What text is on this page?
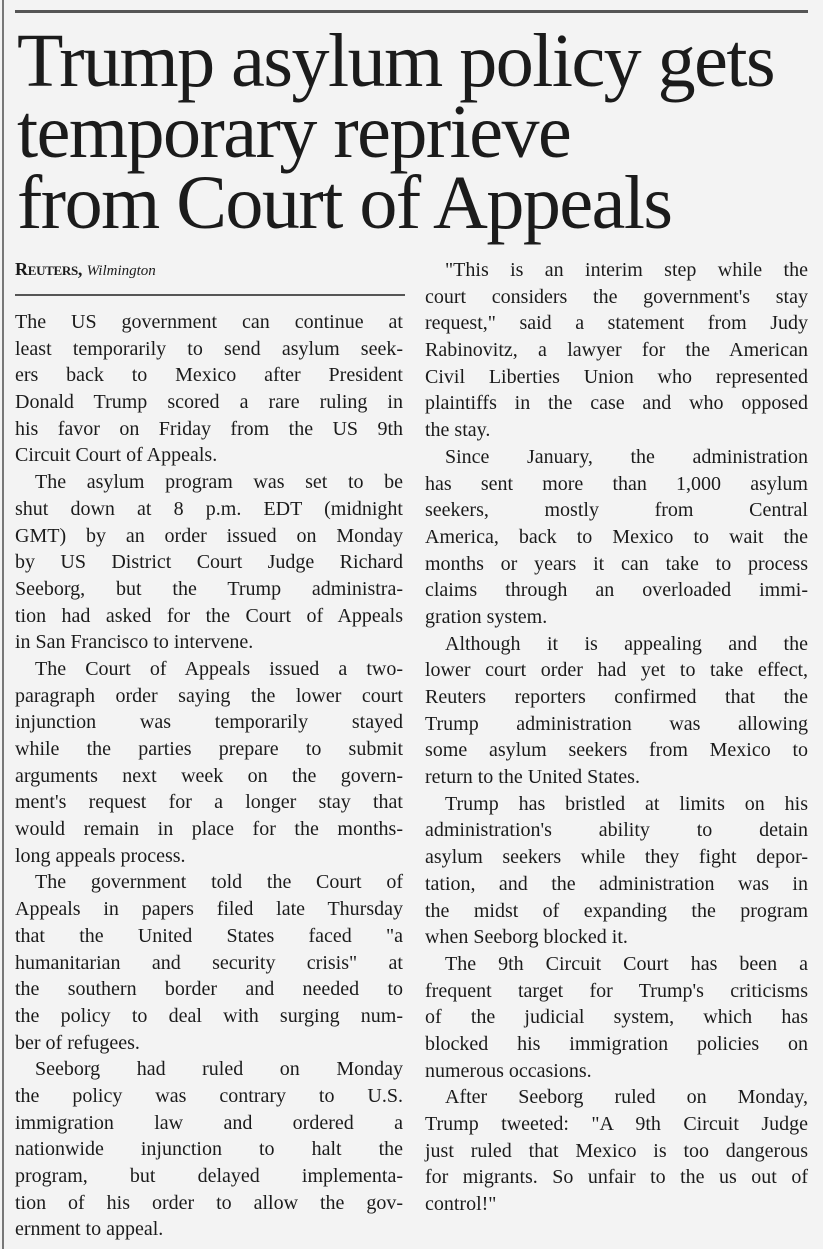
Trump asylum policy gets
temporary reprieve
from Court of Appeals
Reuters, Wilmington
The US government can continue at
least temporarily to send asylum seek-
ers back to Mexico after President
Donald Trump scored a rare ruling in
his favor on Friday from the US 9th
Circuit Court of Appeals.
The asylum program was set to be
shut down at 8 p.m. EDT (midnight
GMT) by an order issued on Monday
by US District Court Judge Richard
Seeborg, but the Trump administra-
tion had asked for the Court of Appeals
in San Francisco to intervene.
The Court of Appeals issued a two-
paragraph order saying the lower court
injunction was temporarily stayed
while the parties prepare to submit
arguments next week on the govern-
ment's request for a longer stay that
would remain in place for the months-
long appeals process.
The government told the Court of
Appeals in papers filed late Thursday
that the United States faced "a
humanitarian and security crisis" at
the southern border and needed to
the policy to deal with surging num-
ber of refugees.
Seeborg had ruled on Monday
the policy was contrary to U.S.
immigration law and ordered a
nationwide injunction to halt the
program, but delayed implementa-
tion of his order to allow the gov-
ernment to appeal.
"This is an interim step while the
court considers the government's stay
request," said a statement from Judy
Rabinovitz, a lawyer for the American
Civil Liberties Union who represented
plaintiffs in the case and who opposed
the stay.
Since January, the administration
has sent more than 1,000 asylum
seekers, mostly from Central
America, back to Mexico to wait the
months or years it can take to process
claims through an overloaded immi-
gration system.
Although it is appealing and the
lower court order had yet to take effect,
Reuters reporters confirmed that the
Trump administration was allowing
some asylum seekers from Mexico to
return to the United States.
Trump has bristled at limits on his
administration's ability to detain
asylum seekers while they fight depor-
tation, and the administration was in
the midst of expanding the program
when Seeborg blocked it.
The 9th Circuit Court has been a
frequent target for Trump's criticisms
of the judicial system, which has
blocked his immigration policies on
numerous occasions.
After Seeborg ruled on Monday,
Trump tweeted: "A 9th Circuit Judge
just ruled that Mexico is too dangerous
for migrants. So unfair to the us out of
control!"
